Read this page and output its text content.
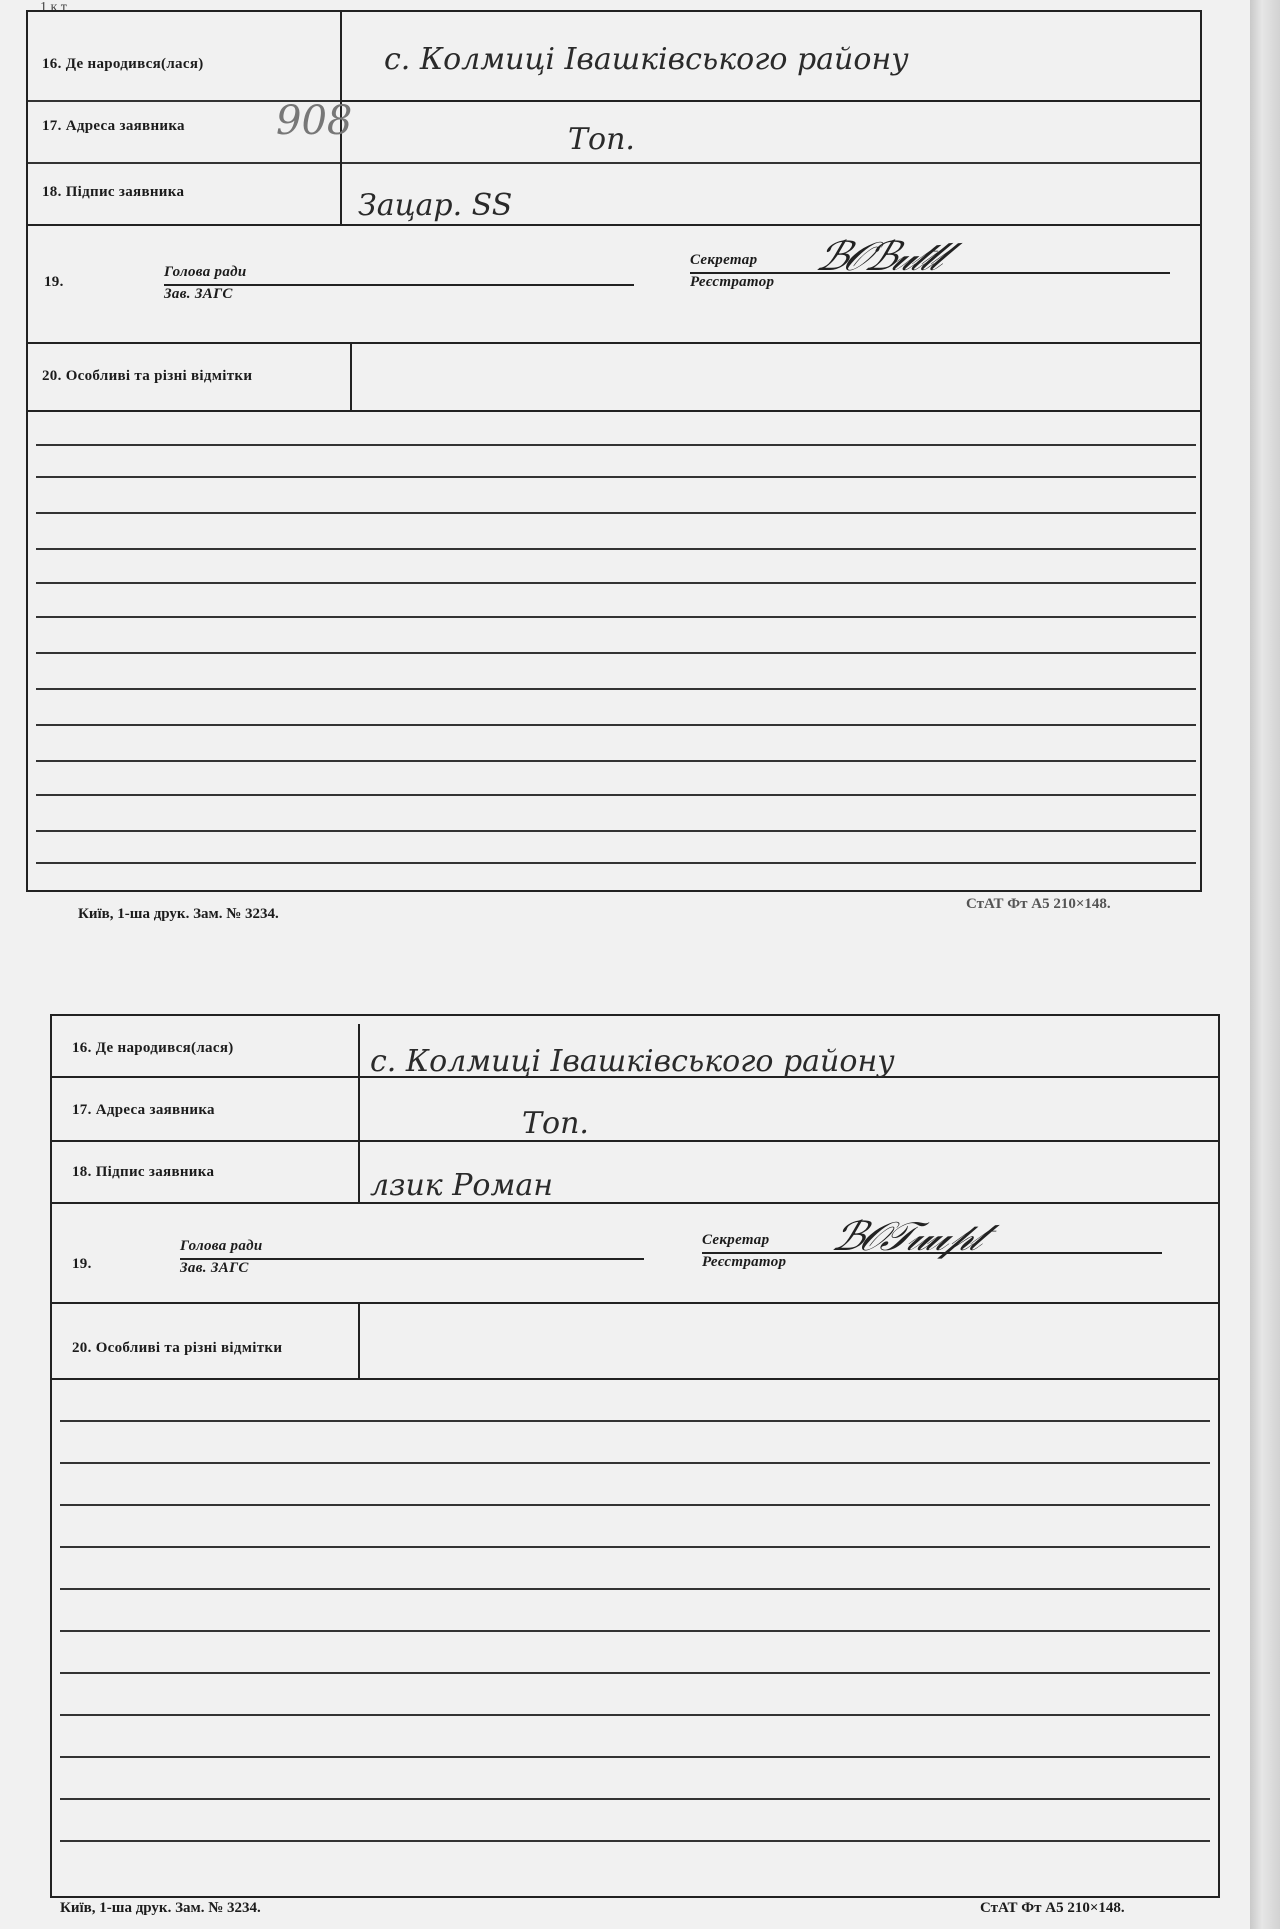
1 к т
16. Де народився(лася)
17. Адреса заявника
18. Підпис заявника
19.
Голова ради
Зав. ЗАГС
Секретар
Реєстратор
20. Особливі та різні відмітки
с. Колмиці Івашківського району
908	Топ.
Зацар. SS
ℬ𝒪ℬ𝓊𝓉𝓁𝓁
Київ, 1-ша друк. Зам. № 3234.
СтАТ Фт А5 210×148.
16. Де народився(лася)
17. Адреса заявника
18. Підпис заявника
19.
Голова ради
Зав. ЗАГС
Секретар
Реєстратор
20. Особливі та різні відмітки
с. Колмиці Івашківського району
Топ.
лзик Роман
ℬ𝒪𝒯𝓊𝓊𝓅𝓉
Київ, 1-ша друк. Зам. № 3234.	СтАТ Фт А5 210×148.
